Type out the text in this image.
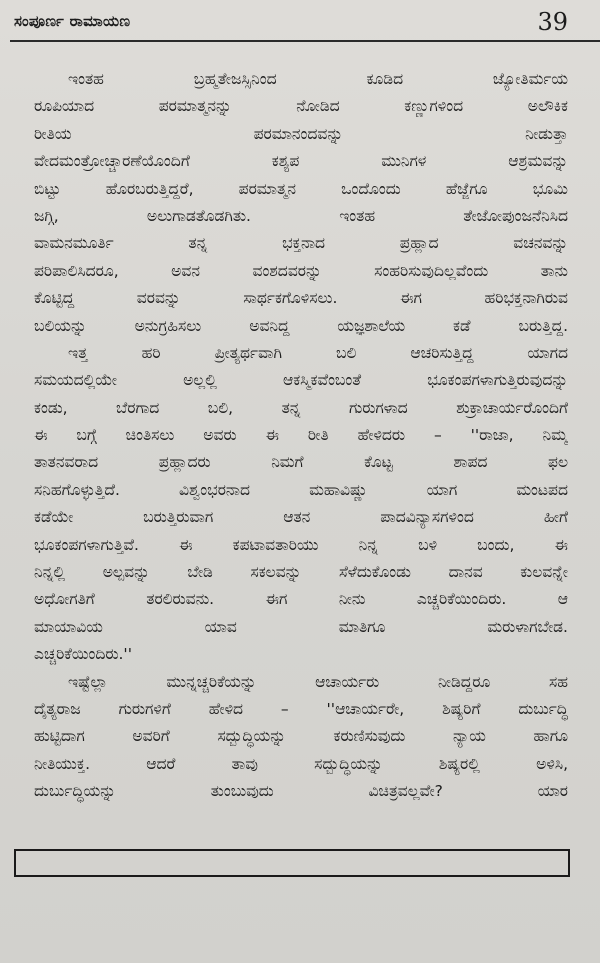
ಸಂಪೂರ್ಣ ರಾಮಾಯಣ	39
ಇಂತಹ ಬ್ರಹ್ಮತೇಜಸ್ಸಿನಿಂದ ಕೂಡಿದ ಜ್ಯೋತಿರ್ಮಯ
ರೂಪಿಯಾದ ಪರಮಾತ್ಮನನ್ನು ನೋಡಿದ ಕಣ್ಣುಗಳಿಂದ ಅಲೌಕಿಕ
ರೀತಿಯ ಪರಮಾನಂದವನ್ನು ನೀಡುತ್ತಾ
ವೇದಮಂತ್ರೋಚ್ಚಾರಣೆಯೊಂದಿಗೆ ಕಶ್ಯಪ ಮುನಿಗಳ ಆಶ್ರಮವನ್ನು
ಬಿಟ್ಟು ಹೊರಬರುತ್ತಿದ್ದರೆ, ಪರಮಾತ್ಮನ ಒಂದೊಂದು ಹೆಜ್ಜೆಗೂ ಭೂಮಿ
ಜಗ್ಗಿ, ಅಲುಗಾಡತೊಡಗಿತು. ಇಂತಹ ತೇಜೋಪುಂಜನೆನಿಸಿದ
ವಾಮನಮೂರ್ತಿ ತನ್ನ ಭಕ್ತನಾದ ಪ್ರಹ್ಲಾದ ವಚನವನ್ನು
ಪರಿಪಾಲಿಸಿದರೂ, ಅವನ ವಂಶದವರನ್ನು ಸಂಹರಿಸುವುದಿಲ್ಲವೆಂದು ತಾನು
ಕೊಟ್ಟಿದ್ದ ವರವನ್ನು ಸಾರ್ಥಕಗೊಳಿಸಲು. ಈಗ ಹರಿಭಕ್ತನಾಗಿರುವ
ಬಲಿಯನ್ನು ಅನುಗ್ರಹಿಸಲು ಅವನಿದ್ದ ಯಜ್ಞಶಾಲೆಯ ಕಡೆ ಬರುತ್ತಿದ್ದ.
ಇತ್ತ ಹರಿ ಪ್ರೀತ್ಯರ್ಥವಾಗಿ ಬಲಿ ಆಚರಿಸುತ್ತಿದ್ದ ಯಾಗದ
ಸಮಯದಲ್ಲಿಯೇ ಅಲ್ಲಲ್ಲಿ ಆಕಸ್ಮಿಕವೆಂಬಂತೆ ಭೂಕಂಪಗಳಾಗುತ್ತಿರುವುದನ್ನು
ಕಂಡು, ಬೆರಗಾದ ಬಲಿ, ತನ್ನ ಗುರುಗಳಾದ ಶುಕ್ರಾಚಾರ್ಯರೊಂದಿಗೆ
ಈ ಬಗ್ಗೆ ಚಿಂತಿಸಲು ಅವರು ಈ ರೀತಿ ಹೇಳಿದರು – ''ರಾಜಾ, ನಿಮ್ಮ
ತಾತನವರಾದ ಪ್ರಹ್ಲಾದರು ನಿಮಗೆ ಕೊಟ್ಟ ಶಾಪದ ಫಲ
ಸನಿಹಗೊಳ್ಳುತ್ತಿದೆ. ವಿಶ್ವಂಭರನಾದ ಮಹಾವಿಷ್ಣು ಯಾಗ ಮಂಟಪದ
ಕಡೆಯೇ ಬರುತ್ತಿರುವಾಗ ಆತನ ಪಾದವಿನ್ಯಾಸಗಳಿಂದ ಹೀಗೆ
ಭೂಕಂಪಗಳಾಗುತ್ತಿವೆ. ಈ ಕಪಟಾವತಾರಿಯು ನಿನ್ನ ಬಳಿ ಬಂದು, ಈ
ನಿನ್ನಲ್ಲಿ ಅಲ್ಪವನ್ನು ಬೇಡಿ ಸಕಲವನ್ನು ಸೆಳೆದುಕೊಂಡು ದಾನವ ಕುಲವನ್ನೇ
ಅಧೋಗತಿಗೆ ತರಲಿರುವನು. ಈಗ ನೀನು ಎಚ್ಚರಿಕೆಯಿಂದಿರು. ಆ
ಮಾಯಾವಿಯ ಯಾವ ಮಾತಿಗೂ ಮರುಳಾಗಬೇಡ.
ಎಚ್ಚರಿಕೆಯಿಂದಿರು.''
ಇಷ್ಟೆಲ್ಲಾ ಮುನ್ನಚ್ಚರಿಕೆಯನ್ನು ಆಚಾರ್ಯರು ನೀಡಿದ್ದರೂ ಸಹ
ದೈತ್ಯರಾಜ ಗುರುಗಳಿಗೆ ಹೇಳಿದ – ''ಆಚಾರ್ಯರೇ, ಶಿಷ್ಯರಿಗೆ ದುರ್ಬುದ್ಧಿ
ಹುಟ್ಟಿದಾಗ ಅವರಿಗೆ ಸದ್ಬುದ್ಧಿಯನ್ನು ಕರುಣಿಸುವುದು ನ್ಯಾಯ ಹಾಗೂ
ನೀತಿಯುಕ್ತ. ಆದರೆ ತಾವು ಸದ್ಬುದ್ಧಿಯನ್ನು ಶಿಷ್ಯರಲ್ಲಿ ಅಳಿಸಿ,
ದುರ್ಬುದ್ಧಿಯನ್ನು ತುಂಬುವುದು ವಿಚಿತ್ರವಲ್ಲವೇ? ಯಾರ
